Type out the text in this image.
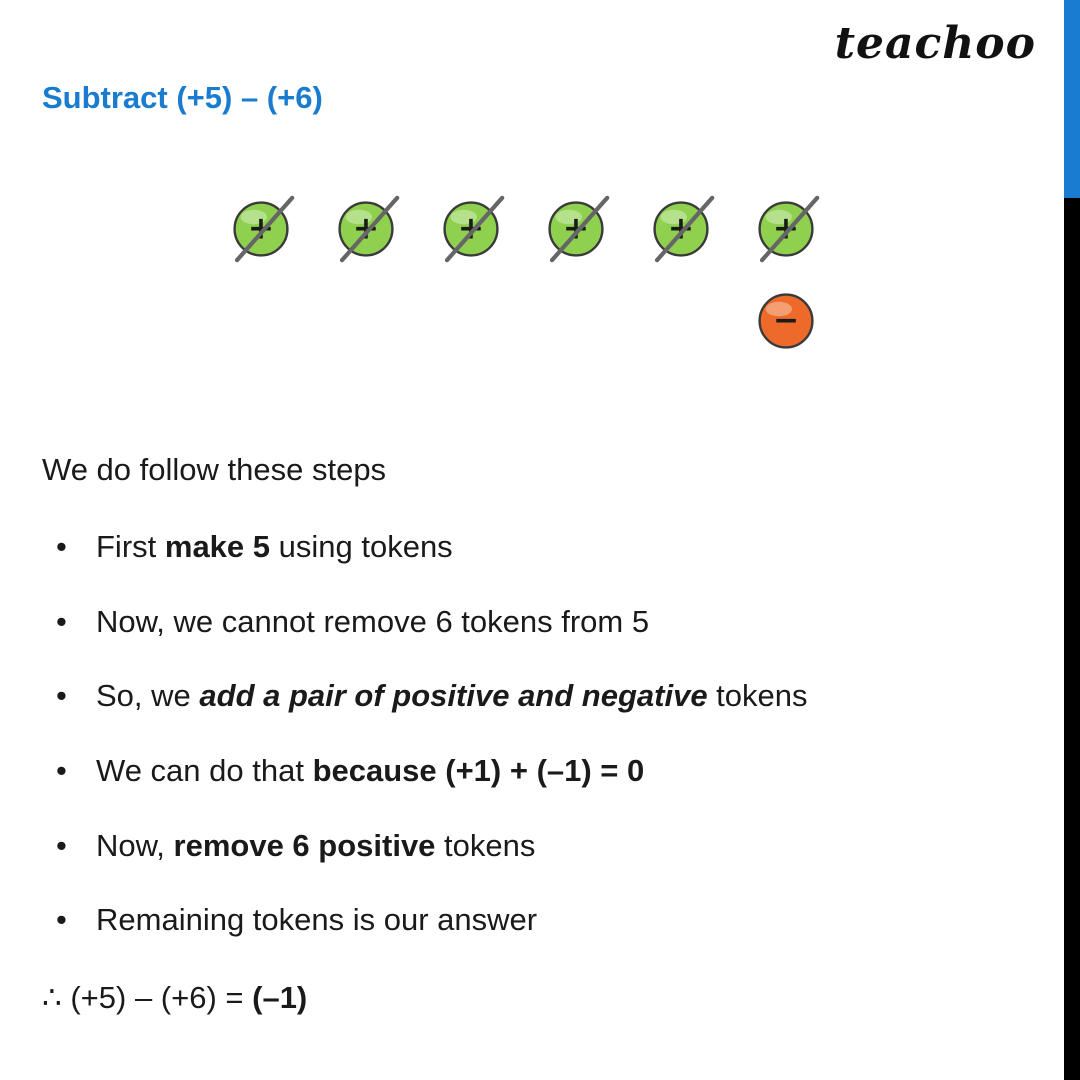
teachoo
Subtract (+5) – (+6)
+	+	+	+	+	+
−
We do follow these steps
• First make 5 using tokens
• Now, we cannot remove 6 tokens from 5
• So, we add a pair of positive and negative tokens
• We can do that because (+1) + (–1) = 0
• Now, remove 6 positive tokens
• Remaining tokens is our answer
∴ (+5) – (+6) = (–1)
